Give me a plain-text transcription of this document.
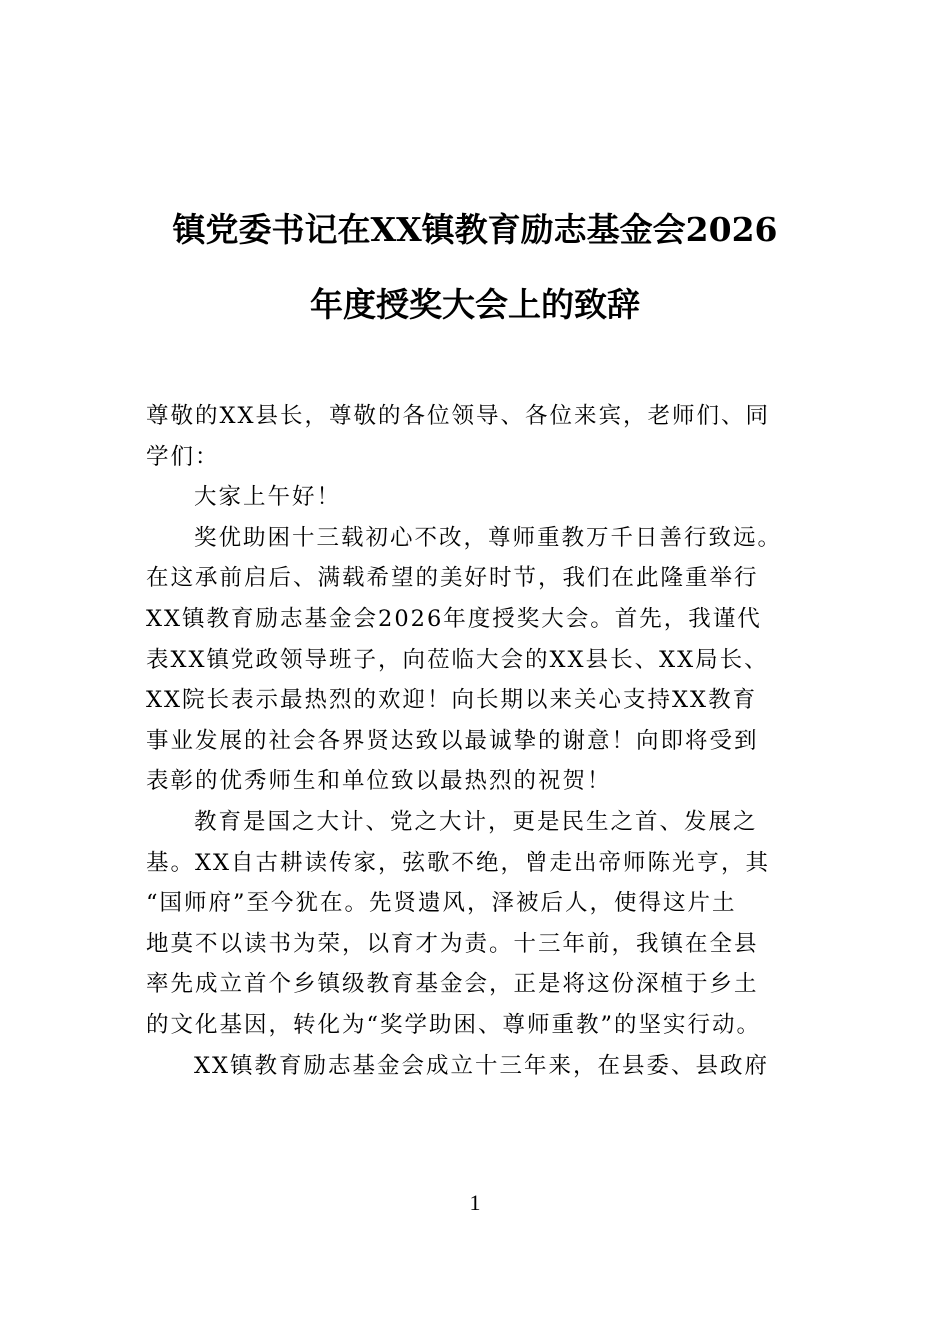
镇党委书记在XX镇教育励志基金会2026
年度授奖大会上的致辞
尊敬的XX县长，尊敬的各位领导、各位来宾，老师们、同
学们：
大家上午好！
奖优助困十三载初心不改，尊师重教万千日善行致远。
在这承前启后、满载希望的美好时节，我们在此隆重举行
XX镇教育励志基金会2026年度授奖大会。首先，我谨代
表XX镇党政领导班子，向莅临大会的XX县长、XX局长、
XX院长表示最热烈的欢迎！向长期以来关心支持XX教育
事业发展的社会各界贤达致以最诚挚的谢意！向即将受到
表彰的优秀师生和单位致以最热烈的祝贺！
教育是国之大计、党之大计，更是民生之首、发展之
基。XX自古耕读传家，弦歌不绝，曾走出帝师陈光亨，其
“国师府”至今犹在。先贤遗风，泽被后人，使得这片土
地莫不以读书为荣，以育才为责。十三年前，我镇在全县
率先成立首个乡镇级教育基金会，正是将这份深植于乡土
的文化基因，转化为“奖学助困、尊师重教”的坚实行动。
XX镇教育励志基金会成立十三年来，在县委、县政府
1
